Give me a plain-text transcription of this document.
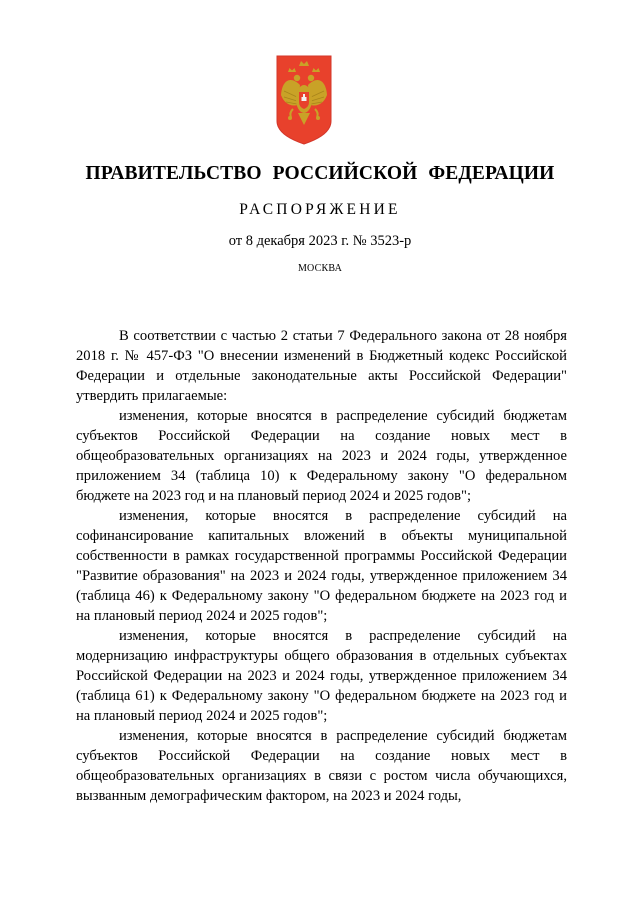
ПРАВИТЕЛЬСТВО РОССИЙСКОЙ ФЕДЕРАЦИИ
РАСПОРЯЖЕНИЕ
от 8 декабря 2023 г. № 3523-р
МОСКВА

В соответствии с частью 2 статьи 7 Федерального закона от 28 ноября 2018 г. № 457-ФЗ "О внесении изменений в Бюджетный кодекс Российской Федерации и отдельные законодательные акты Российской Федерации" утвердить прилагаемые:

изменения, которые вносятся в распределение субсидий бюджетам субъектов Российской Федерации на создание новых мест в общеобразовательных организациях на 2023 и 2024 годы, утвержденное приложением 34 (таблица 10) к Федеральному закону "О федеральном бюджете на 2023 год и на плановый период 2024 и 2025 годов";

изменения, которые вносятся в распределение субсидий на софинансирование капитальных вложений в объекты муниципальной собственности в рамках государственной программы Российской Федерации "Развитие образования" на 2023 и 2024 годы, утвержденное приложением 34 (таблица 46) к Федеральному закону "О федеральном бюджете на 2023 год и на плановый период 2024 и 2025 годов";

изменения, которые вносятся в распределение субсидий на модернизацию инфраструктуры общего образования в отдельных субъектах Российской Федерации на 2023 и 2024 годы, утвержденное приложением 34 (таблица 61) к Федеральному закону "О федеральном бюджете на 2023 год и на плановый период 2024 и 2025 годов";

изменения, которые вносятся в распределение субсидий бюджетам субъектов Российской Федерации на создание новых мест в общеобразовательных организациях в связи с ростом числа обучающихся, вызванным демографическим фактором, на 2023 и 2024 годы,
